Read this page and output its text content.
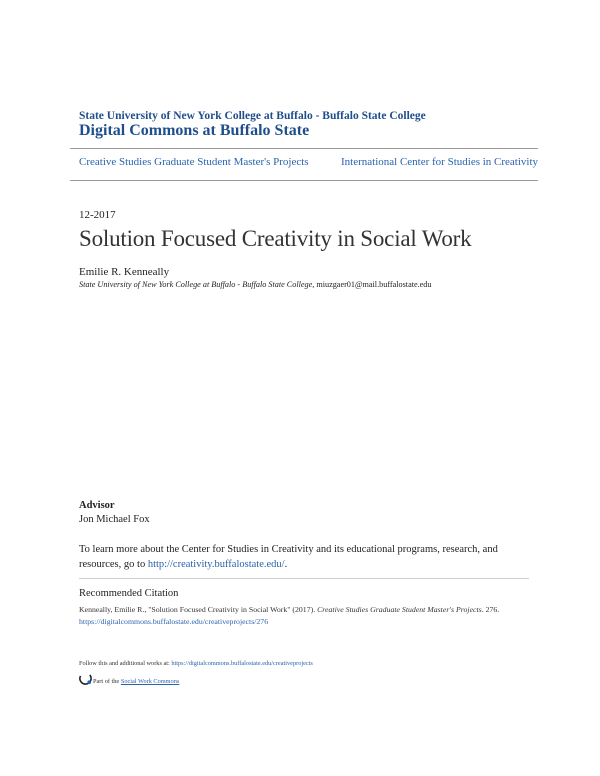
State University of New York College at Buffalo - Buffalo State College
Digital Commons at Buffalo State
Creative Studies Graduate Student Master's Projects	International Center for Studies in Creativity
12-2017
Solution Focused Creativity in Social Work
Emilie R. Kenneally
State University of New York College at Buffalo - Buffalo State College, miuzgaer01@mail.buffalostate.edu
Advisor
Jon Michael Fox
To learn more about the Center for Studies in Creativity and its educational programs, research, and resources, go to http://creativity.buffalostate.edu/.
Recommended Citation
Kenneally, Emilie R., "Solution Focused Creativity in Social Work" (2017). Creative Studies Graduate Student Master's Projects. 276.
https://digitalcommons.buffalostate.edu/creativeprojects/276
Follow this and additional works at: https://digitalcommons.buffalostate.edu/creativeprojects
Part of the Social Work Commons
